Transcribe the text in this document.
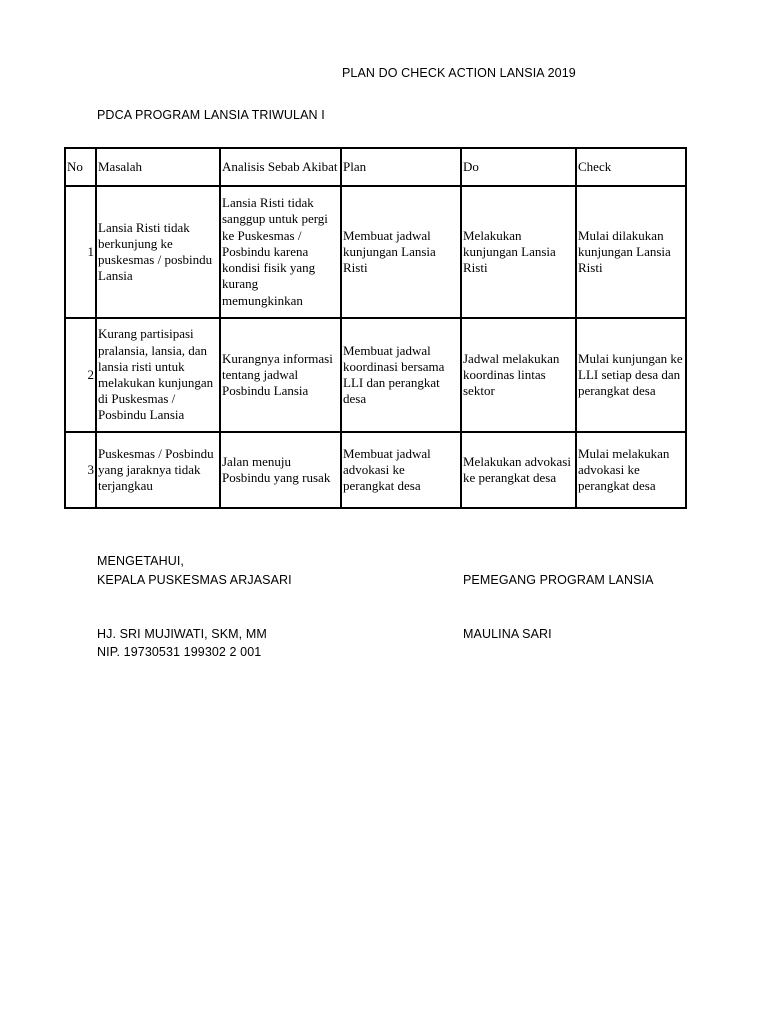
PLAN DO CHECK ACTION LANSIA 2019
PDCA PROGRAM LANSIA TRIWULAN I
No	Masalah	Analisis Sebab Akibat	Plan	Do	Check
1	Lansia Risti tidak berkunjung ke puskesmas / posbindu Lansia	Lansia Risti tidak sanggup untuk pergi ke Puskesmas / Posbindu karena kondisi fisik yang kurang memungkinkan	Membuat jadwal kunjungan Lansia Risti	Melakukan kunjungan Lansia Risti	Mulai dilakukan kunjungan Lansia Risti
2	Kurang partisipasi pralansia, lansia, dan lansia risti untuk melakukan kunjungan di Puskesmas / Posbindu Lansia	Kurangnya informasi tentang jadwal Posbindu Lansia	Membuat jadwal koordinasi bersama LLI dan perangkat desa	Jadwal melakukan koordinas lintas sektor	Mulai kunjungan ke LLI setiap desa dan perangkat desa
3	Puskesmas / Posbindu yang jaraknya tidak terjangkau	Jalan menuju Posbindu yang rusak	Membuat jadwal advokasi ke perangkat desa	Melakukan advokasi ke perangkat desa	Mulai melakukan advokasi ke perangkat desa
MENGETAHUI,
KEPALA PUSKESMAS ARJASARI	PEMEGANG PROGRAM LANSIA
HJ. SRI MUJIWATI, SKM, MM	MAULINA SARI
NIP. 19730531 199302 2 001
